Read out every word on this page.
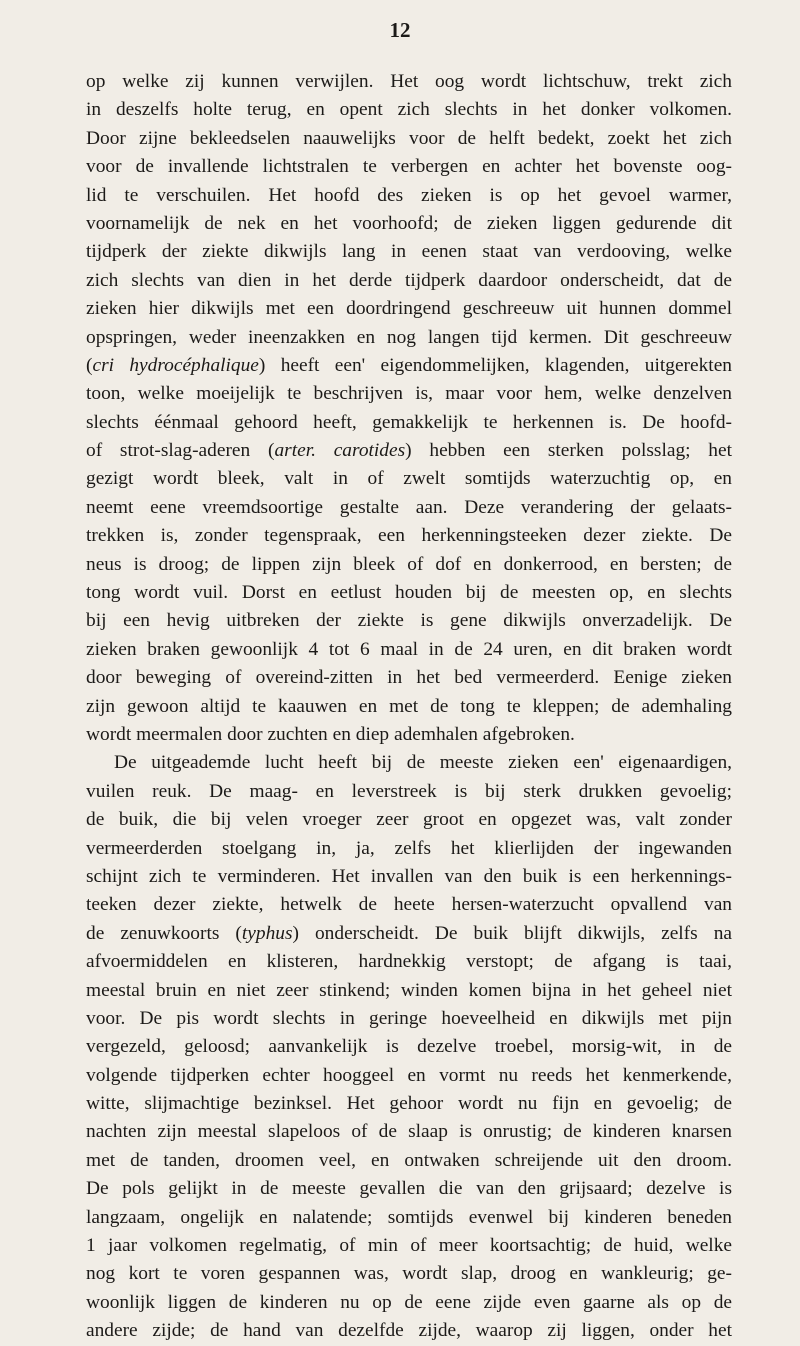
12
op welke zij kunnen verwijlen. Het oog wordt lichtschuw, trekt zich
in deszelfs holte terug, en opent zich slechts in het donker volkomen.
Door zijne bekleedselen naauwelijks voor de helft bedekt, zoekt het zich
voor de invallende lichtstralen te verbergen en achter het bovenste oog-
lid te verschuilen. Het hoofd des zieken is op het gevoel warmer,
voornamelijk de nek en het voorhoofd; de zieken liggen gedurende dit
tijdperk der ziekte dikwijls lang in eenen staat van verdooving, welke
zich slechts van dien in het derde tijdperk daardoor onderscheidt, dat de
zieken hier dikwijls met een doordringend geschreeuw uit hunnen dommel
opspringen, weder ineenzakken en nog langen tijd kermen. Dit geschreeuw
(cri hydrocéphalique) heeft een' eigendommelijken, klagenden, uitgerekten
toon, welke moeijelijk te beschrijven is, maar voor hem, welke denzelven
slechts éénmaal gehoord heeft, gemakkelijk te herkennen is. De hoofd-
of strot-slag-aderen (arter. carotides) hebben een sterken polsslag; het
gezigt wordt bleek, valt in of zwelt somtijds waterzuchtig op, en
neemt eene vreemdsoortige gestalte aan. Deze verandering der gelaats-
trekken is, zonder tegenspraak, een herkenningsteeken dezer ziekte. De
neus is droog; de lippen zijn bleek of dof en donkerrood, en bersten; de
tong wordt vuil. Dorst en eetlust houden bij de meesten op, en slechts
bij een hevig uitbreken der ziekte is gene dikwijls onverzadelijk. De
zieken braken gewoonlijk 4 tot 6 maal in de 24 uren, en dit braken wordt
door beweging of overeind-zitten in het bed vermeerderd. Eenige zieken
zijn gewoon altijd te kaauwen en met de tong te kleppen; de ademhaling
wordt meermalen door zuchten en diep ademhalen afgebroken.
De uitgeademde lucht heeft bij de meeste zieken een' eigenaardigen,
vuilen reuk. De maag- en leverstreek is bij sterk drukken gevoelig;
de buik, die bij velen vroeger zeer groot en opgezet was, valt zonder
vermeerderden stoelgang in, ja, zelfs het klierlijden der ingewanden
schijnt zich te verminderen. Het invallen van den buik is een herkennings-
teeken dezer ziekte, hetwelk de heete hersen-waterzucht opvallend van
de zenuwkoorts (typhus) onderscheidt. De buik blijft dikwijls, zelfs na
afvoermiddelen en klisteren, hardnekkig verstopt; de afgang is taai,
meestal bruin en niet zeer stinkend; winden komen bijna in het geheel niet
voor. De pis wordt slechts in geringe hoeveelheid en dikwijls met pijn
vergezeld, geloosd; aanvankelijk is dezelve troebel, morsig-wit, in de
volgende tijdperken echter hooggeel en vormt nu reeds het kenmerkende,
witte, slijmachtige bezinksel. Het gehoor wordt nu fijn en gevoelig; de
nachten zijn meestal slapeloos of de slaap is onrustig; de kinderen knarsen
met de tanden, droomen veel, en ontwaken schreijende uit den droom.
De pols gelijkt in de meeste gevallen die van den grijsaard; dezelve is
langzaam, ongelijk en nalatende; somtijds evenwel bij kinderen beneden
1 jaar volkomen regelmatig, of min of meer koortsachtig; de huid, welke
nog kort te voren gespannen was, wordt slap, droog en wankleurig; ge-
woonlijk liggen de kinderen nu op de eene zijde even gaarne als op de
andere zijde; de hand van dezelfde zijde, waarop zij liggen, onder het
